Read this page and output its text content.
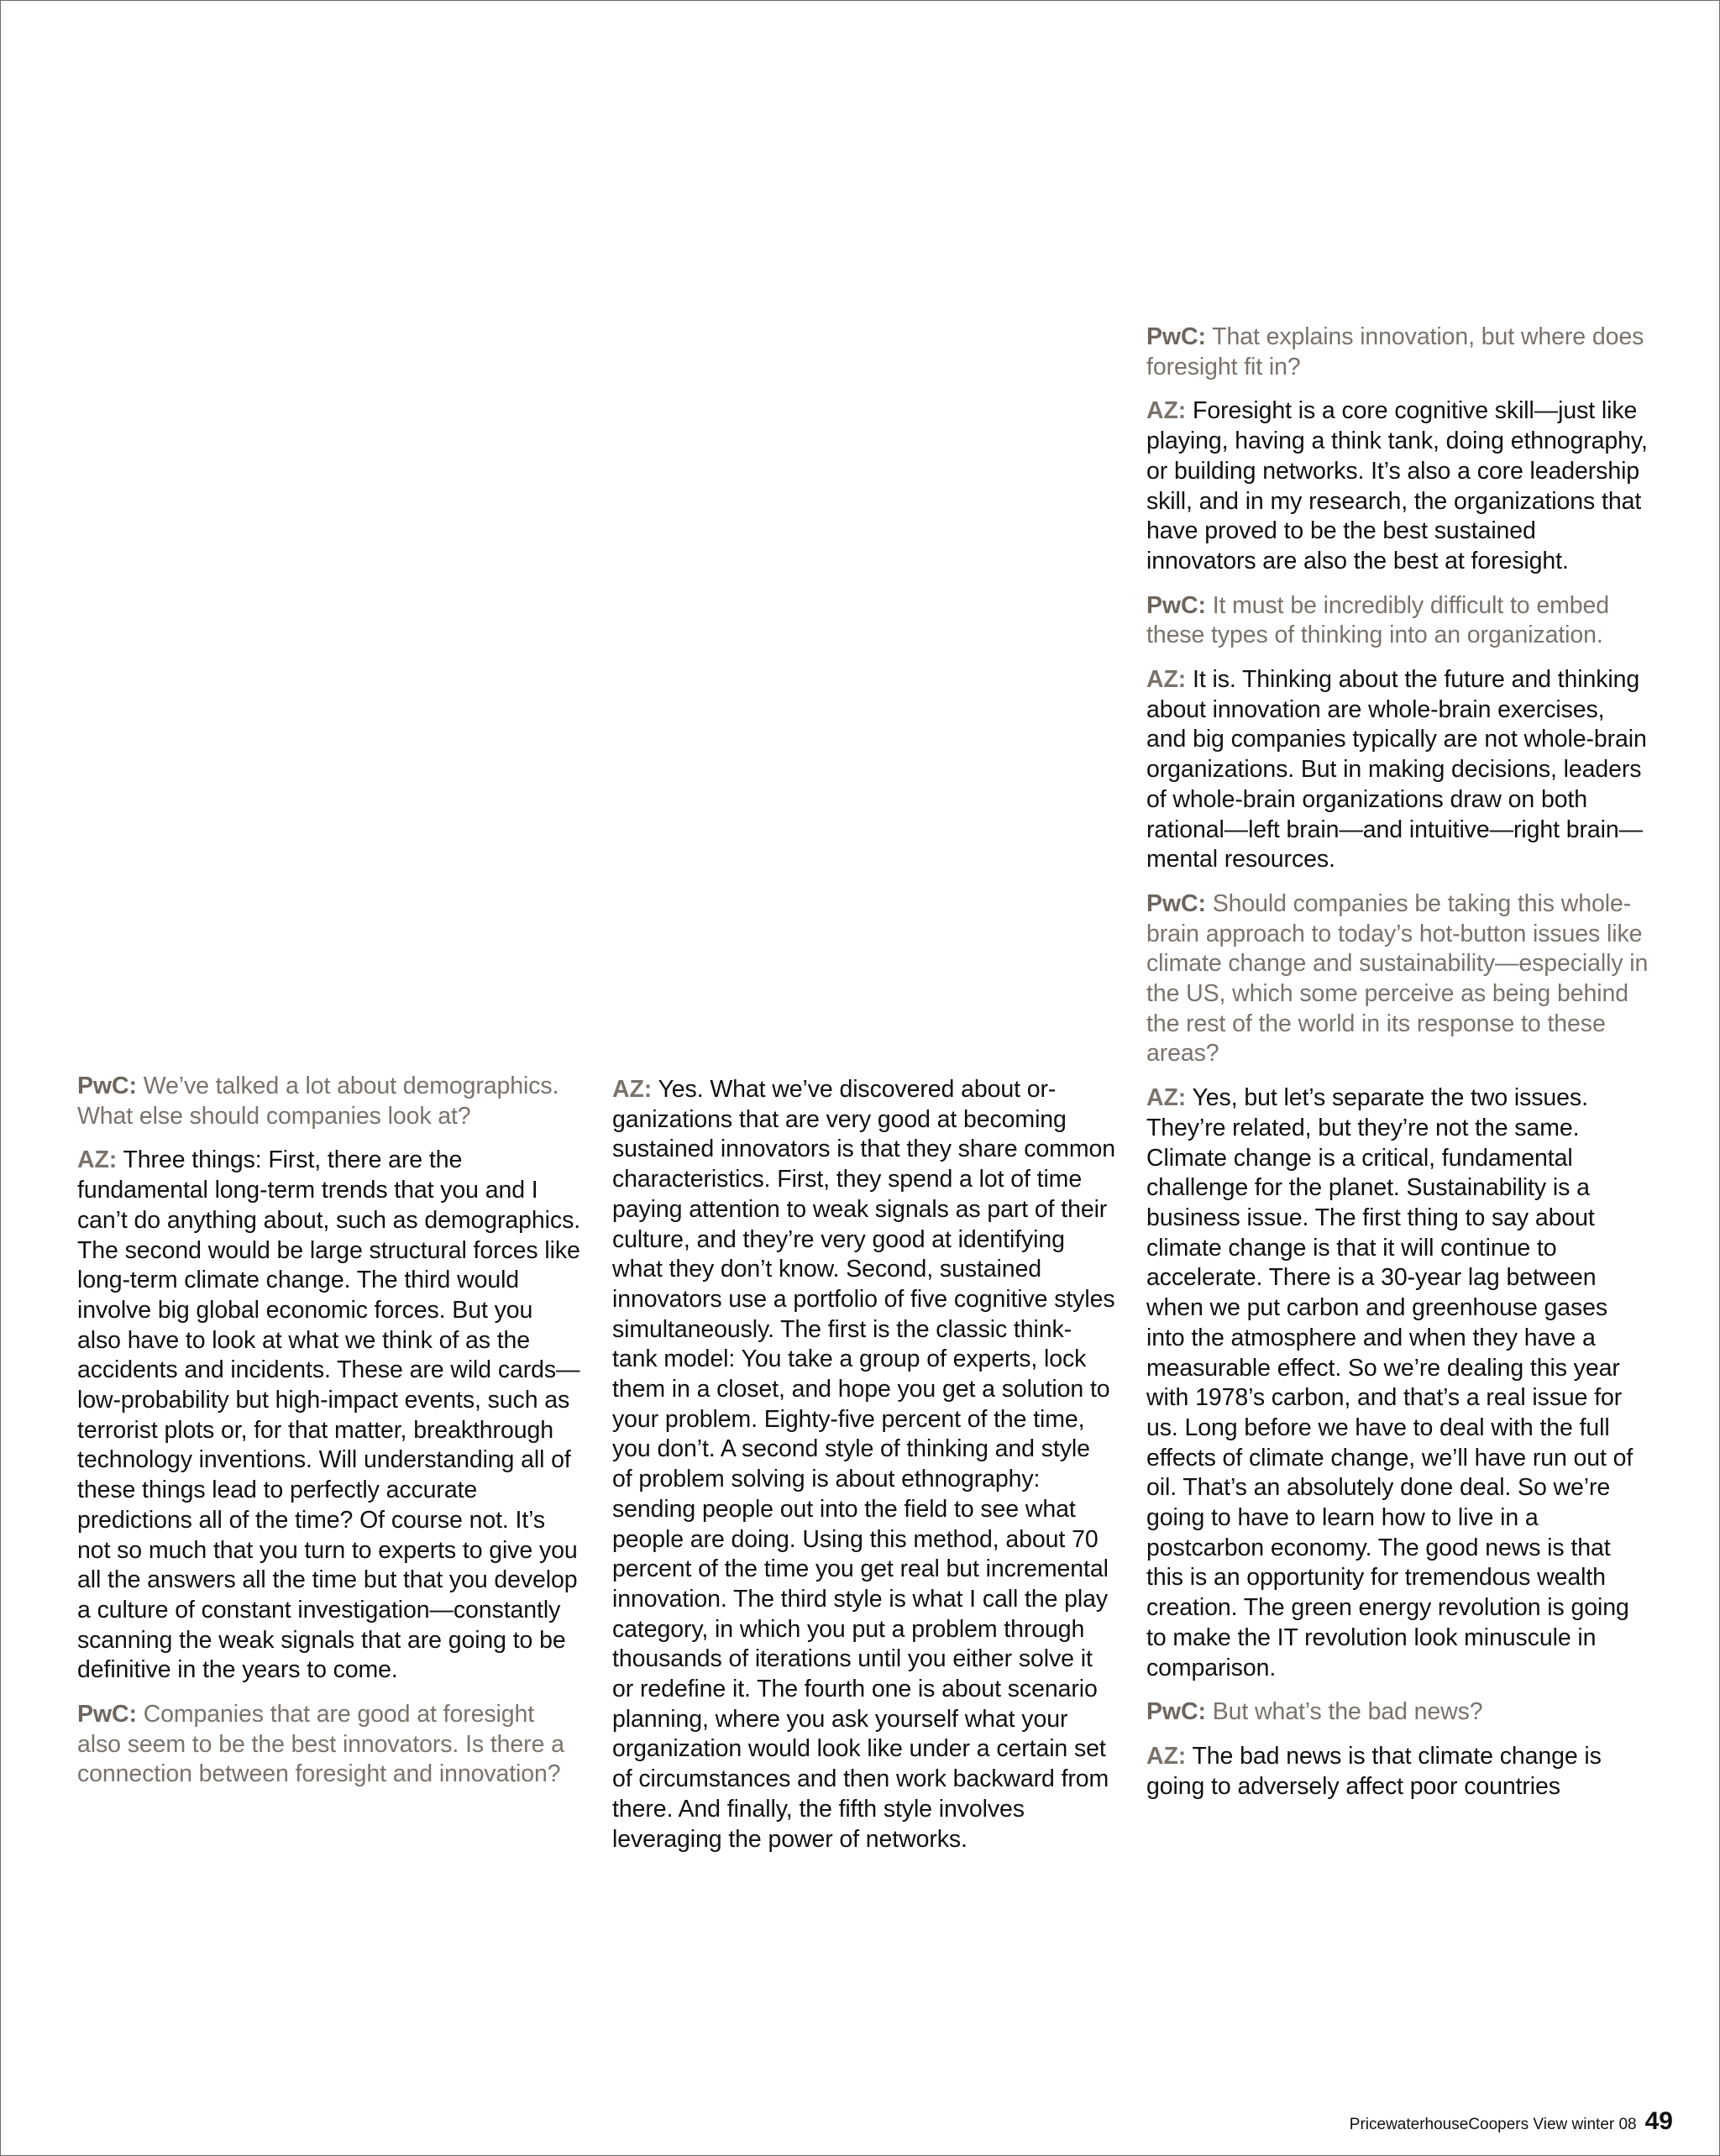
PwC: We’ve talked a lot about demographics. What else should companies look at?

AZ: Three things: First, there are the fundamental long-term trends that you and I can’t do anything about, such as demographics. The second would be large structural forces like long-term climate change. The third would involve big global economic forces. But you also have to look at what we think of as the accidents and incidents. These are wild cards—low-probability but high-impact events, such as terrorist plots or, for that matter, breakthrough technology inventions. Will understanding all of these things lead to perfectly accurate predictions all of the time? Of course not. It’s not so much that you turn to experts to give you all the answers all the time but that you develop a culture of constant investigation—constantly scanning the weak signals that are going to be definitive in the years to come.

PwC: Companies that are good at foresight also seem to be the best innovators. Is there a connection between foresight and innovation?

AZ: Yes. What we’ve discovered about organizations that are very good at becoming sustained innovators is that they share common characteristics. First, they spend a lot of time paying attention to weak signals as part of their culture, and they’re very good at identifying what they don’t know. Second, sustained innovators use a portfolio of five cognitive styles simultaneously. The first is the classic think-tank model: You take a group of experts, lock them in a closet, and hope you get a solution to your problem. Eighty-five percent of the time, you don’t. A second style of thinking and style of problem solving is about ethnography: sending people out into the field to see what people are doing. Using this method, about 70 percent of the time you get real but incremental innovation. The third style is what I call the play category, in which you put a problem through thousands of iterations until you either solve it or redefine it. The fourth one is about scenario planning, where you ask yourself what your organization would look like under a certain set of circumstances and then work backward from there. And finally, the fifth style involves leveraging the power of networks.

PwC: That explains innovation, but where does foresight fit in?

AZ: Foresight is a core cognitive skill—just like playing, having a think tank, doing ethnography, or building networks. It’s also a core leadership skill, and in my research, the organizations that have proved to be the best sustained innovators are also the best at foresight.

PwC: It must be incredibly difficult to embed these types of thinking into an organization.

AZ: It is. Thinking about the future and thinking about innovation are whole-brain exercises, and big companies typically are not whole-brain organizations. But in making decisions, leaders of whole-brain organizations draw on both rational—left brain—and intuitive—right brain—mental resources.

PwC: Should companies be taking this whole-brain approach to today’s hot-button issues like climate change and sustainability—especially in the US, which some perceive as being behind the rest of the world in its response to these areas?

AZ: Yes, but let’s separate the two issues. They’re related, but they’re not the same. Climate change is a critical, fundamental challenge for the planet. Sustainability is a business issue. The first thing to say about climate change is that it will continue to accelerate. There is a 30-year lag between when we put carbon and greenhouse gases into the atmosphere and when they have a measurable effect. So we’re dealing this year with 1978’s carbon, and that’s a real issue for us. Long before we have to deal with the full effects of climate change, we’ll have run out of oil. That’s an absolutely done deal. So we’re going to have to learn how to live in a postcarbon economy. The good news is that this is an opportunity for tremendous wealth creation. The green energy revolution is going to make the IT revolution look minuscule in comparison.

PwC: But what’s the bad news?

AZ: The bad news is that climate change is going to adversely affect poor countries

PricewaterhouseCoopers View winter 08 49
